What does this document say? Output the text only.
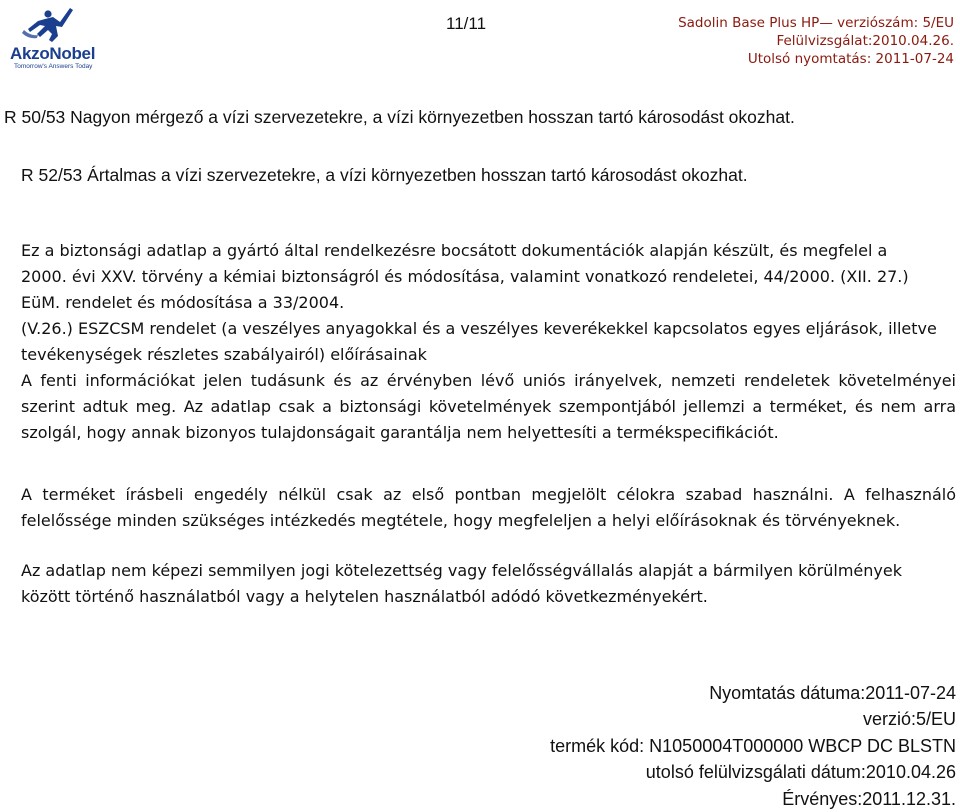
AkzoNobel
Tomorrow's Answers Today
11/11	Sadolin Base Plus HP— verziószám: 5/EU
Felülvizsgálat:2010.04.26.
Utolsó nyomtatás: 2011-07-24

R 50/53 Nagyon mérgező a vízi szervezetekre, a vízi környezetben hosszan tartó károsodást okozhat.

R 52/53 Ártalmas a vízi szervezetekre, a vízi környezetben hosszan tartó károsodást okozhat.

Ez a biztonsági adatlap a gyártó által rendelkezésre bocsátott dokumentációk alapján készült, és megfelel a 2000. évi XXV. törvény a kémiai biztonságról és módosítása, valamint vonatkozó rendeletei, 44/2000. (XII. 27.) EüM. rendelet és módosítása a 33/2004.

(V.26.) ESZCSM rendelet (a veszélyes anyagokkal és a veszélyes keverékekkel kapcsolatos egyes eljárások, illetve tevékenységek részletes szabályairól) előírásainak

A fenti információkat jelen tudásunk és az érvényben lévő uniós irányelvek, nemzeti rendeletek követelményei szerint adtuk meg. Az adatlap csak a biztonsági követelmények szempontjából jellemzi a terméket, és nem arra szolgál, hogy annak bizonyos tulajdonságait garantálja nem helyettesíti a termékspecifikációt.

A terméket írásbeli engedély nélkül csak az első pontban megjelölt célokra szabad használni. A felhasználó felelőssége minden szükséges intézkedés megtétele, hogy megfeleljen a helyi előírásoknak és törvényeknek.

Az adatlap nem képezi semmilyen jogi kötelezettség vagy felelősségvállalás alapját a bármilyen körülmények között történő használatból vagy a helytelen használatból adódó következményekért.

Nyomtatás dátuma:2011-07-24
verzió:5/EU
termék kód: N1050004T000000 WBCP DC BLSTN
utolsó felülvizsgálati dátum:2010.04.26
Érvényes:2011.12.31.
